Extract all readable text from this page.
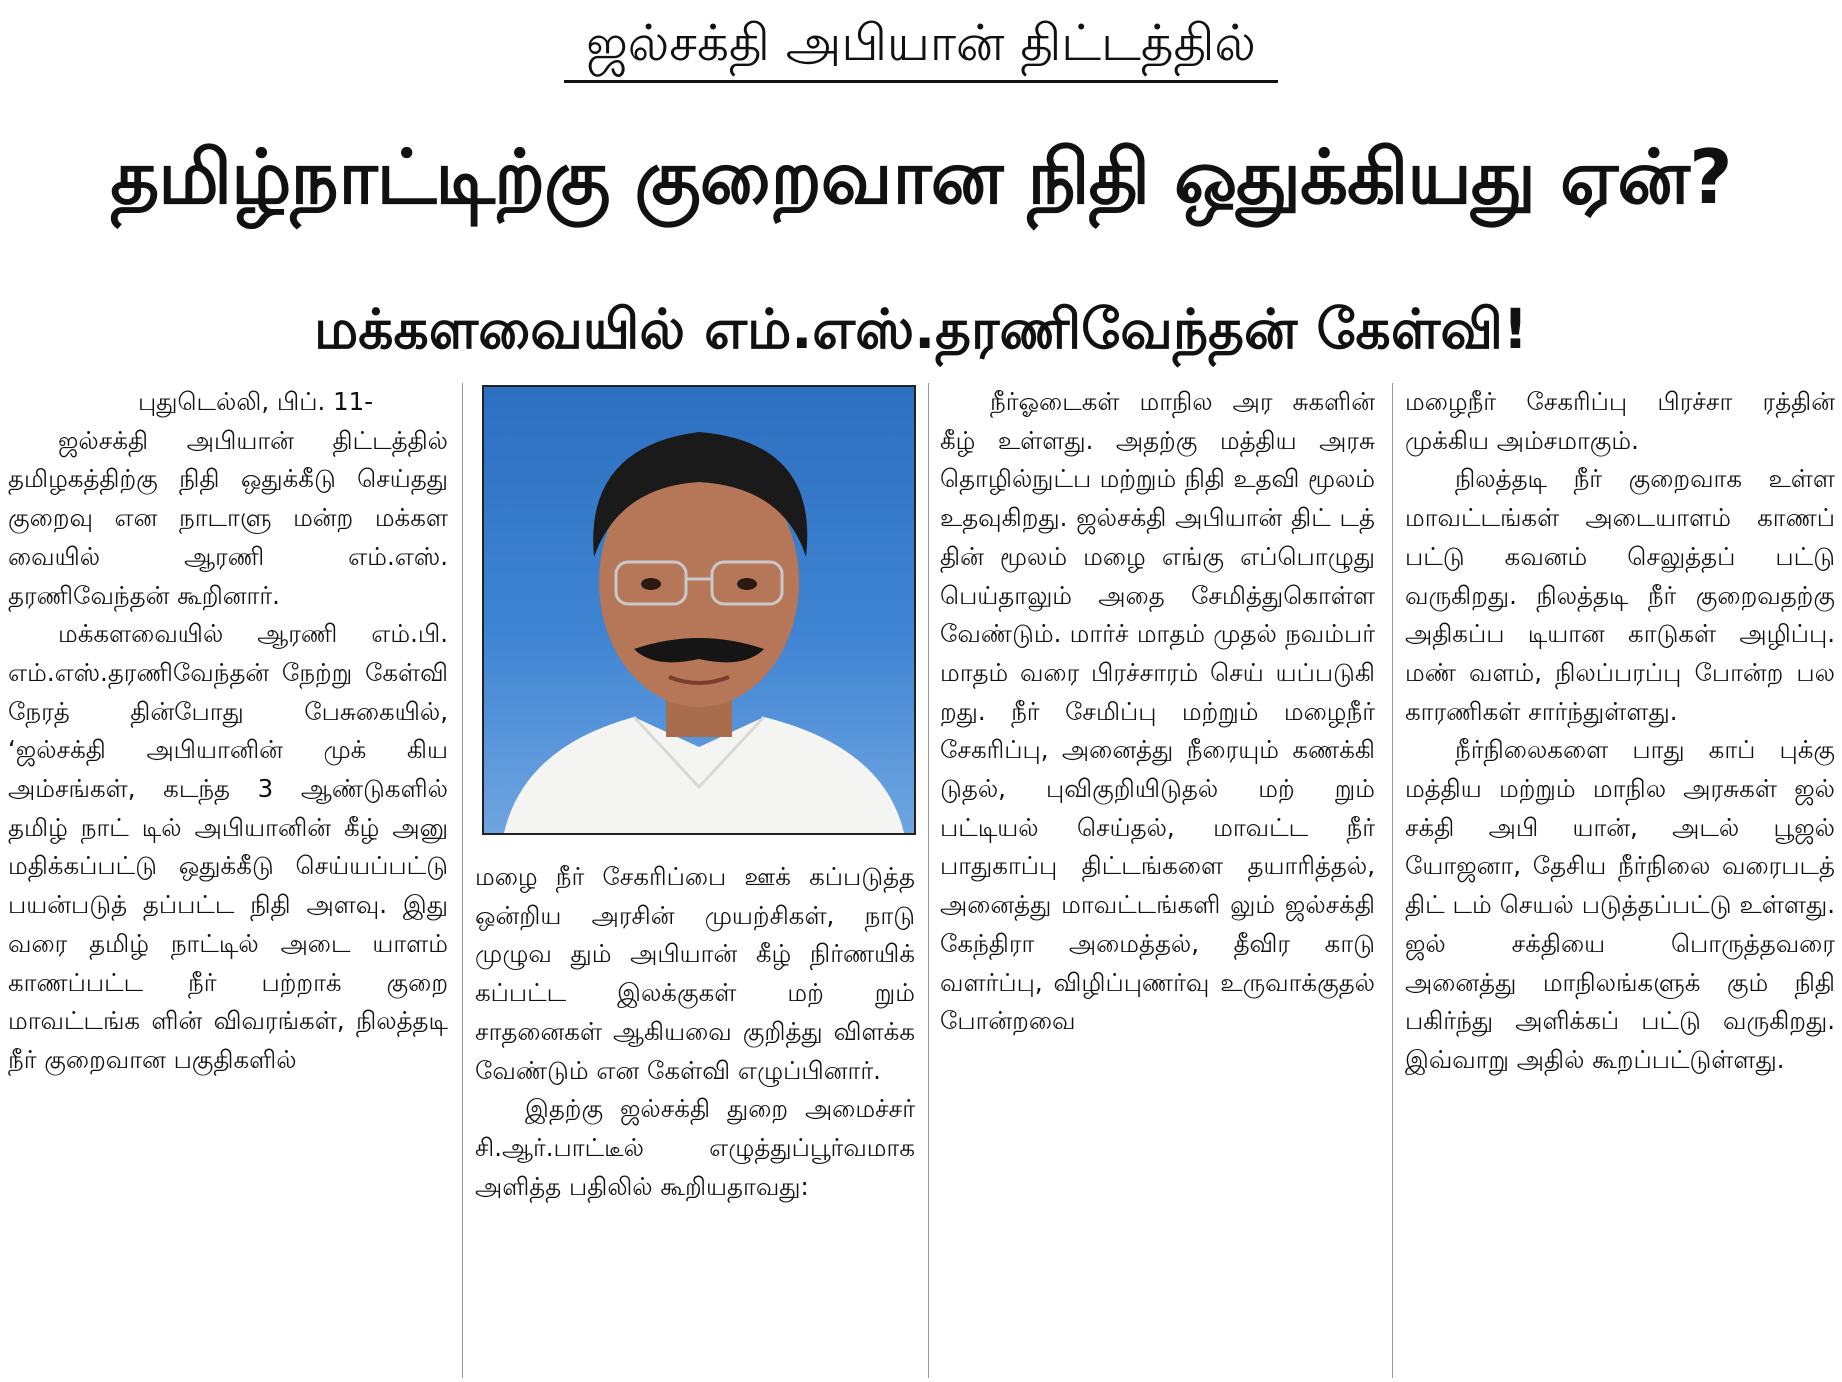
ஜல்சக்தி அபியான் திட்டத்தில்
தமிழ்நாட்டிற்கு குறைவான நிதி ஒதுக்கியது ஏன்?
மக்களவையில் எம்.எஸ்.தரணிவேந்தன் கேள்வி!

புதுடெல்லி, பிப். 11-

ஜல்சக்தி அபியான் திட்டத்தில் தமிழகத்திற்கு நிதி ஒதுக்கீடு செய்தது குறைவு என நாடாளு மன்ற மக்கள வையில் ஆரணி எம்.எஸ். தரணிவேந்தன் கூறினார்.

மக்களவையில் ஆரணி எம்.பி. எம்.எஸ்.தரணிவேந்தன் நேற்று கேள்வி நேரத் தின்போது பேசுகையில், ‘ஜல்சக்தி அபியானின் முக் கிய அம்சங்கள், கடந்த 3 ஆண்டுகளில் தமிழ் நாட் டில் அபியானின் கீழ் அனு மதிக்கப்பட்டு ஒதுக்கீடு செய்யப்பட்டு பயன்படுத் தப்பட்ட நிதி அளவு. இது வரை தமிழ் நாட்டில் அடை யாளம் காணப்பட்ட நீர் பற்றாக் குறை மாவட்டங்க ளின் விவரங்கள், நிலத்தடி நீர் குறைவான பகுதிகளில்

மழை நீர் சேகரிப்பை ஊக் கப்படுத்த ஒன்றிய அரசின் முயற்சிகள், நாடு முழுவ தும் அபியான் கீழ் நிர்ணயிக் கப்பட்ட இலக்குகள் மற் றும் சாதனைகள் ஆகியவை குறித்து விளக்க வேண்டும் என கேள்வி எழுப்பினார்.

இதற்கு ஜல்சக்தி துறை அமைச்சர் சி.ஆர்.பாட்டீல் எழுத்துப்பூர்வமாக அளித்த பதிலில் கூறியதாவது:

நீர்ஓடைகள் மாநில அர சுகளின் கீழ் உள்ளது. அதற்கு மத்திய அரசு தொழில்நுட்ப மற்றும் நிதி உதவி மூலம் உதவுகிறது. ஜல்சக்தி அபியான் திட் டத் தின் மூலம் மழை எங்கு எப்பொழுது பெய்தாலும் அதை சேமித்துகொள்ள வேண்டும். மார்ச் மாதம் முதல் நவம்பர் மாதம் வரை பிரச்சாரம் செய் யப்படுகி றது. நீர் சேமிப்பு மற்றும் மழைநீர் சேகரிப்பு, அனைத்து நீரையும் கணக்கி டுதல், புவிகுறியிடுதல் மற் றும் பட்டியல் செய்தல், மாவட்ட நீர் பாதுகாப்பு திட்டங்களை தயாரித்தல், அனைத்து மாவட்டங்களி லும் ஜல்சக்தி கேந்திரா அமைத்தல், தீவிர காடு வளர்ப்பு, விழிப்புணர்வு உருவாக்குதல் போன்றவை

மழைநீர் சேகரிப்பு பிரச்சா ரத்தின் முக்கிய அம்சமாகும்.

நிலத்தடி நீர் குறைவாக உள்ள மாவட்டங்கள் அடையாளம் காணப் பட்டு கவனம் செலுத்தப் பட்டு வருகிறது. நிலத்தடி நீர் குறைவதற்கு அதிகப்ப டியான காடுகள் அழிப்பு. மண் வளம், நிலப்பரப்பு போன்ற பல காரணிகள் சார்ந்துள்ளது.

நீர்நிலைகளை பாது காப் புக்கு மத்திய மற்றும் மாநில அரசுகள் ஜல் சக்தி அபி யான், அடல் பூஜல் யோஜனா, தேசிய நீர்நிலை வரைபடத் திட் டம் செயல் படுத்தப்பட்டு உள்ளது. ஜல் சக்தியை பொருத்தவரை அனைத்து மாநிலங்களுக் கும் நிதி பகிர்ந்து அளிக்கப் பட்டு வருகிறது. இவ்வாறு அதில் கூறப்பட்டுள்ளது.
